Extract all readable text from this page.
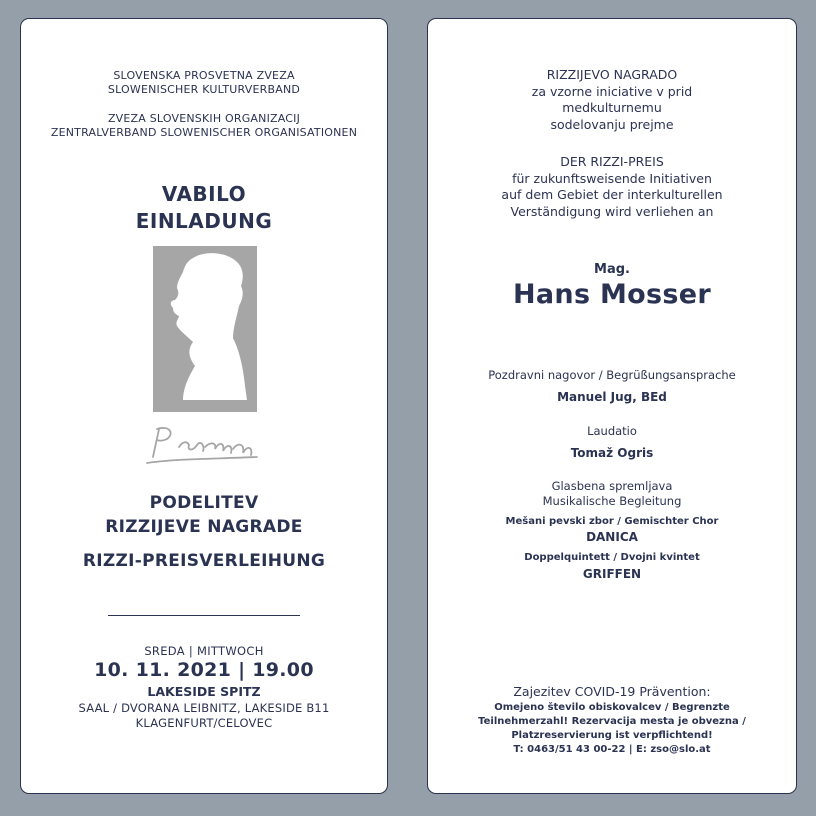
SLOVENSKA PROSVETNA ZVEZA
SLOWENISCHER KULTURVERBAND
ZVEZA SLOVENSKIH ORGANIZACIJ
ZENTRALVERBAND SLOWENISCHER ORGANISATIONEN
VABILO
EINLADUNG
PODELITEV
RIZZIJEVE NAGRADE
RIZZI-PREISVERLEIHUNG
SREDA | MITTWOCH
10. 11. 2021 | 19.00
LAKESIDE SPITZ
SAAL / DVORANA LEIBNITZ, LAKESIDE B11
KLAGENFURT/CELOVEC
RIZZIJEVO NAGRADO
za vzorne iniciative v prid
medkulturnemu
sodelovanju prejme
DER RIZZI-PREIS
für zukunftsweisende Initiativen
auf dem Gebiet der interkulturellen
Verständigung wird verliehen an
Mag.
Hans Mosser
Pozdravni nagovor / Begrüßungsansprache
Manuel Jug, BEd
Laudatio
Tomaž Ogris
Glasbena spremljava
Musikalische Begleitung
Mešani pevski zbor / Gemischter Chor
DANICA
Doppelquintett / Dvojni kvintet
GRIFFEN
Zajezitev COVID-19 Prävention:
Omejeno število obiskovalcev / Begrenzte
Teilnehmerzahl! Rezervacija mesta je obvezna /
Platzreservierung ist verpflichtend!
T: 0463/51 43 00-22 | E: zso@slo.at
